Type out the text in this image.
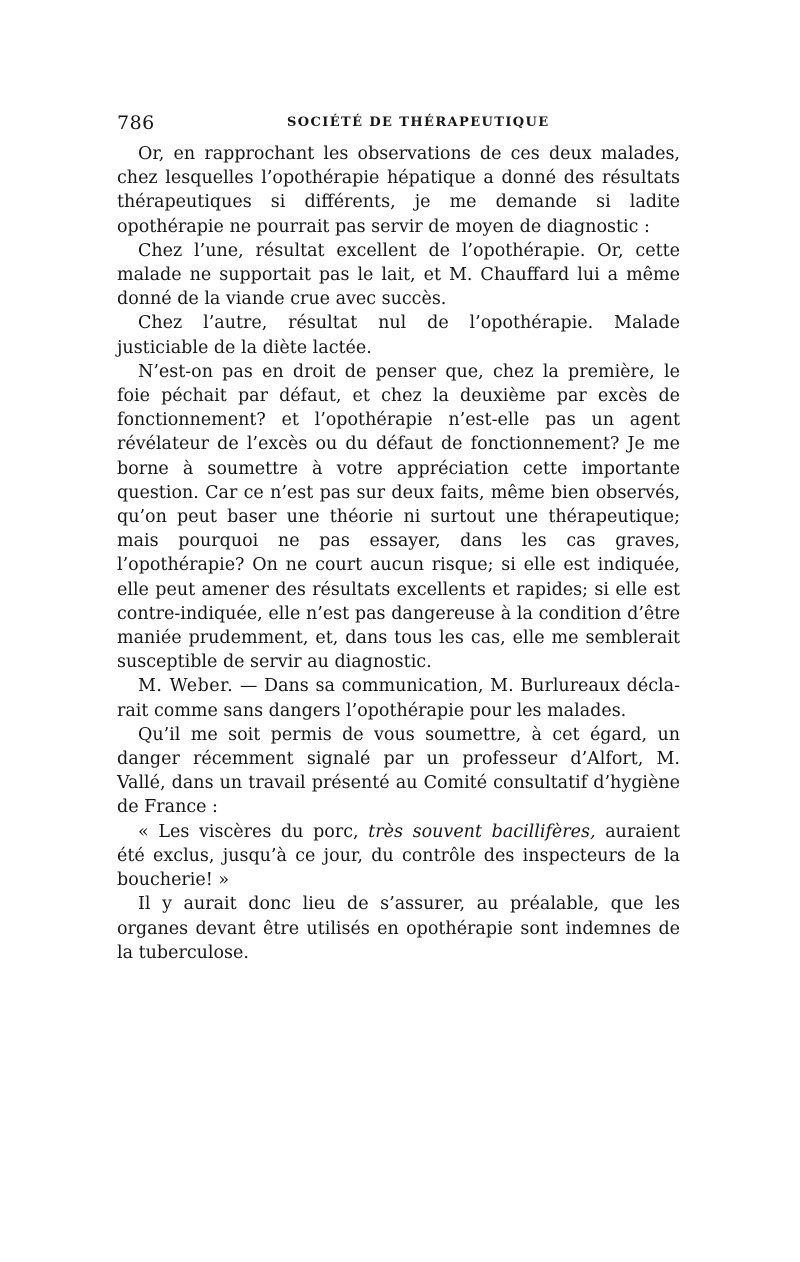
786	SOCIÉTÉ DE THÉRAPEUTIQUE

Or, en rapprochant les observations de ces deux malades, chez lesquelles l’opothérapie hépatique a donné des résultats thérapeutiques si différents, je me demande si ladite opothérapie ne pourrait pas servir de moyen de diagnostic :

Chez l’une, résultat excellent de l’opothérapie. Or, cette malade ne supportait pas le lait, et M. Chauffard lui a même donné de la viande crue avec succès.

Chez l’autre, résultat nul de l’opothérapie. Malade justiciable de la diète lactée.

N’est-on pas en droit de penser que, chez la première, le foie péchait par défaut, et chez la deuxième par excès de fonctionnement? et l’opothérapie n’est-elle pas un agent révélateur de l’excès ou du défaut de fonctionnement? Je me borne à soumettre à votre appréciation cette importante question. Car ce n’est pas sur deux faits, même bien observés, qu’on peut baser une théorie ni surtout une thérapeutique; mais pourquoi ne pas essayer, dans les cas graves, l’opothérapie? On ne court aucun risque; si elle est indiquée, elle peut amener des résultats excellents et rapides; si elle est contre-indiquée, elle n’est pas dangereuse à la condition d’être maniée prudemment, et, dans tous les cas, elle me semblerait susceptible de servir au diagnostic.

M. Weber. — Dans sa communication, M. Burlureaux déclarait comme sans dangers l’opothérapie pour les malades.

Qu’il me soit permis de vous soumettre, à cet égard, un danger récemment signalé par un professeur d’Alfort, M. Vallé, dans un travail présenté au Comité consultatif d’hygiène de France :

« Les viscères du porc, très souvent bacillifères, auraient été exclus, jusqu’à ce jour, du contrôle des inspecteurs de la boucherie! »

Il y aurait donc lieu de s’assurer, au préalable, que les organes devant être utilisés en opothérapie sont indemnes de la tuberculose.
